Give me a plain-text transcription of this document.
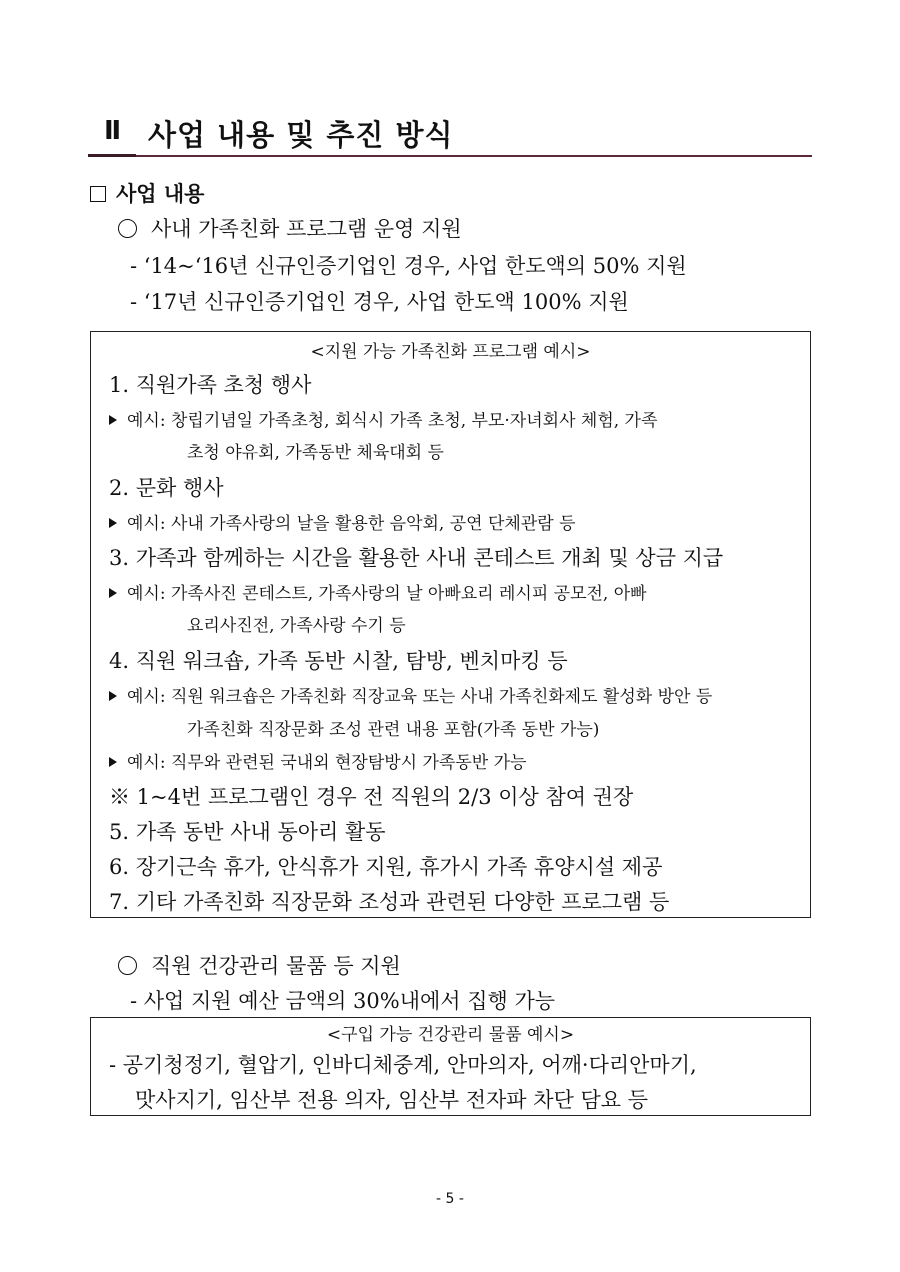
Ⅱ 사업 내용 및 추진 방식
사업 내용
사내 가족친화 프로그램 운영 지원
- ‘14~‘16년 신규인증기업인 경우, 사업 한도액의 50% 지원
- ‘17년 신규인증기업인 경우, 사업 한도액 100% 지원
<지원 가능 가족친화 프로그램 예시>
1. 직원가족 초청 행사
예시: 창립기념일 가족초청, 회식시 가족 초청, 부모·자녀회사 체험, 가족
초청 야유회, 가족동반 체육대회 등
2. 문화 행사
예시: 사내 가족사랑의 날을 활용한 음악회, 공연 단체관람 등
3. 가족과 함께하는 시간을 활용한 사내 콘테스트 개최 및 상금 지급
예시: 가족사진 콘테스트, 가족사랑의 날 아빠요리 레시피 공모전, 아빠
요리사진전, 가족사랑 수기 등
4. 직원 워크숍, 가족 동반 시찰, 탐방, 벤치마킹 등
예시: 직원 워크숍은 가족친화 직장교육 또는 사내 가족친화제도 활성화 방안 등
가족친화 직장문화 조성 관련 내용 포함(가족 동반 가능)
예시: 직무와 관련된 국내외 현장탐방시 가족동반 가능
※ 1~4번 프로그램인 경우 전 직원의 2/3 이상 참여 권장
5. 가족 동반 사내 동아리 활동
6. 장기근속 휴가, 안식휴가 지원, 휴가시 가족 휴양시설 제공
7. 기타 가족친화 직장문화 조성과 관련된 다양한 프로그램 등
직원 건강관리 물품 등 지원
- 사업 지원 예산 금액의 30%내에서 집행 가능
<구입 가능 건강관리 물품 예시>
- 공기청정기, 혈압기, 인바디체중계, 안마의자, 어깨·다리안마기,
맛사지기, 임산부 전용 의자, 임산부 전자파 차단 담요 등
- 5 -
